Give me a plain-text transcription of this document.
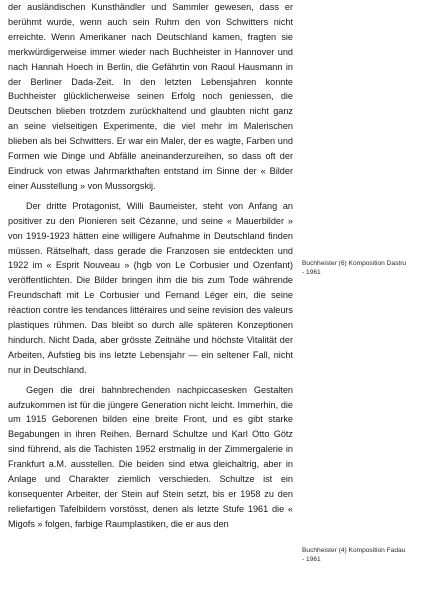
der ausländischen Kunsthändler und Sammler gewesen, dass er berühmt wurde, wenn auch sein Ruhm den von Schwitters nicht erreichte. Wenn Amerikaner nach Deutschland kamen, fragten sie merkwürdigerweise immer wieder nach Buchheister in Hannover und nach Hannah Hoech in Berlin, die Gefährtin von Raoul Hausmann in der Berliner Dada-Zeit. In den letzten Lebensjahren konnte Buchheister glücklicherweise seinen Erfolg noch geniessen, die Deutschen blieben trotzdem zurückhaltend und glaubten nicht ganz an seine vielseitigen Experimente, die viel mehr im Malerischen blieben als bei Schwitters. Er war ein Maler, der es wagte, Farben und Formen wie Dinge und Abfälle aneinanderzureihen, so dass oft der Eindruck von etwas Jahrmarkthaften entstand im Sinne der « Bilder einer Ausstellung » von Mussorgskij.

Der dritte Protagonist, Willi Baumeister, steht von Anfang an positiver zu den Pionieren seit Cézanne, und seine « Mauerbilder » von 1919-1923 hätten eine willigere Aufnahme in Deutschland finden müssen. Rätselhaft, dass gerade die Franzosen sie entdeckten und 1922 im « Esprit Nouveau » (hgb von Le Corbusier und Ozenfant) veröffentlichten. Die Bilder bringen ihm die bis zum Tode währende Freundschaft mit Le Corbusier und Fernand Léger ein, die seine réaction contre les tendances littéraires und seine revision des valeurs plastiques rühmen. Das bleibt so durch alle späteren Konzeptionen hindurch. Nicht Dada, aber grösste Zeitnähe und höchste Vitalität der Arbeiten, Aufstieg bis ins letzte Lebensjahr — ein seltener Fall, nicht nur in Deutschland.

Gegen die drei bahnbrechenden nachpiccasesken Gestalten aufzukommen ist für die jüngere Generation nicht leicht. Immerhin, die um 1915 Geborenen bilden eine breite Front, und es gibt starke Begabungen in ihren Reihen. Bernard Schultze und Karl Otto Götz sind führend, als die Tachisten 1952 erstmalig in der Zimmergalerie in Frankfurt a.M. ausstellen. Die beiden sind etwa gleichaltrig, aber in Anlage und Charakter ziemlich verschieden. Schultze ist ein konsequenter Arbeiter, der Stein auf Stein setzt, bis er 1958 zu den reliefartigen Tafelbildern vorstösst, denen als letzte Stufe 1961 die « Migofs » folgen, farbige Raumplastiken, die er aus den

Buchheister (6) Komposition Dastru
- 1961
Buchheister (4) Komposition Fadau
- 1961
